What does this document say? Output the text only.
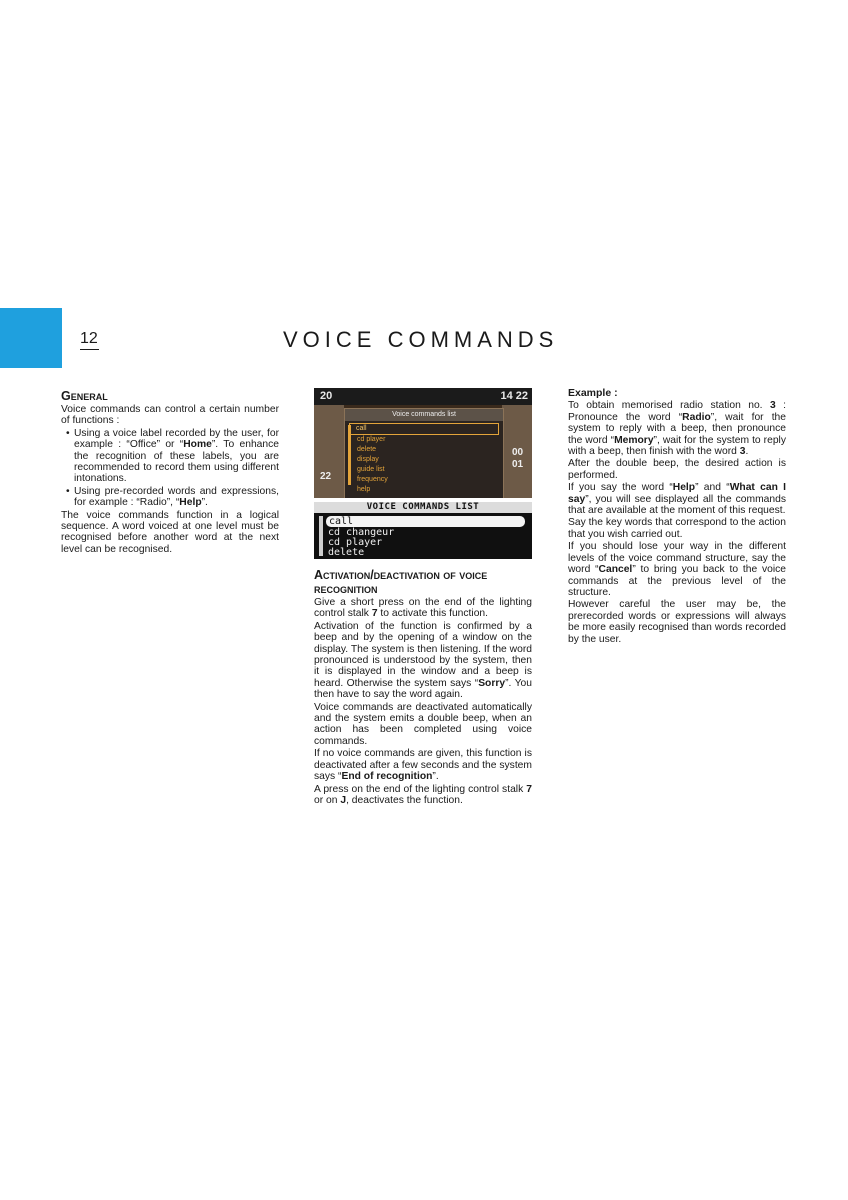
12	VOICE COMMANDS

General

Voice commands can control a certain number of functions :

• Using a voice label recorded by the user, for example : “Office” or “Home”. To enhance the recognition of these labels, you are recommended to record them using different intonations.
• Using pre-recorded words and expressions, for example : “Radio”, “Help”.

The voice commands function in a logical sequence. A word voiced at one level must be recognised before another word at the next level can be recognised.

20	14 22
22
00
01
Voice commands list
call
cd player
delete
display
guide list
frequency
help
VOICE COMMANDS LIST
call
cd changeur
cd player
delete

Activation/deactivation of voice recognition

Give a short press on the end of the lighting control stalk 7 to activate this function.

Activation of the function is confirmed by a beep and by the opening of a window on the display. The system is then listening. If the word pronounced is understood by the system, then it is displayed in the window and a beep is heard. Otherwise the system says “Sorry”. You then have to say the word again.

Voice commands are deactivated automatically and the system emits a double beep, when an action has been completed using voice commands.

If no voice commands are given, this function is deactivated after a few seconds and the system says “End of recognition”.

A press on the end of the lighting control stalk 7 or on J, deactivates the function.

Example :

To obtain memorised radio station no. 3 : Pronounce the word “Radio”, wait for the system to reply with a beep, then pronounce the word “Memory”, wait for the system to reply with a beep, then finish with the word 3.

After the double beep, the desired action is performed.

If you say the word “Help” and “What can I say”, you will see displayed all the commands that are available at the moment of this request.

Say the key words that correspond to the action that you wish carried out.

If you should lose your way in the different levels of the voice command structure, say the word “Cancel” to bring you back to the voice commands at the previous level of the structure.

However careful the user may be, the prerecorded words or expressions will always be more easily recognised than words recorded by the user.
